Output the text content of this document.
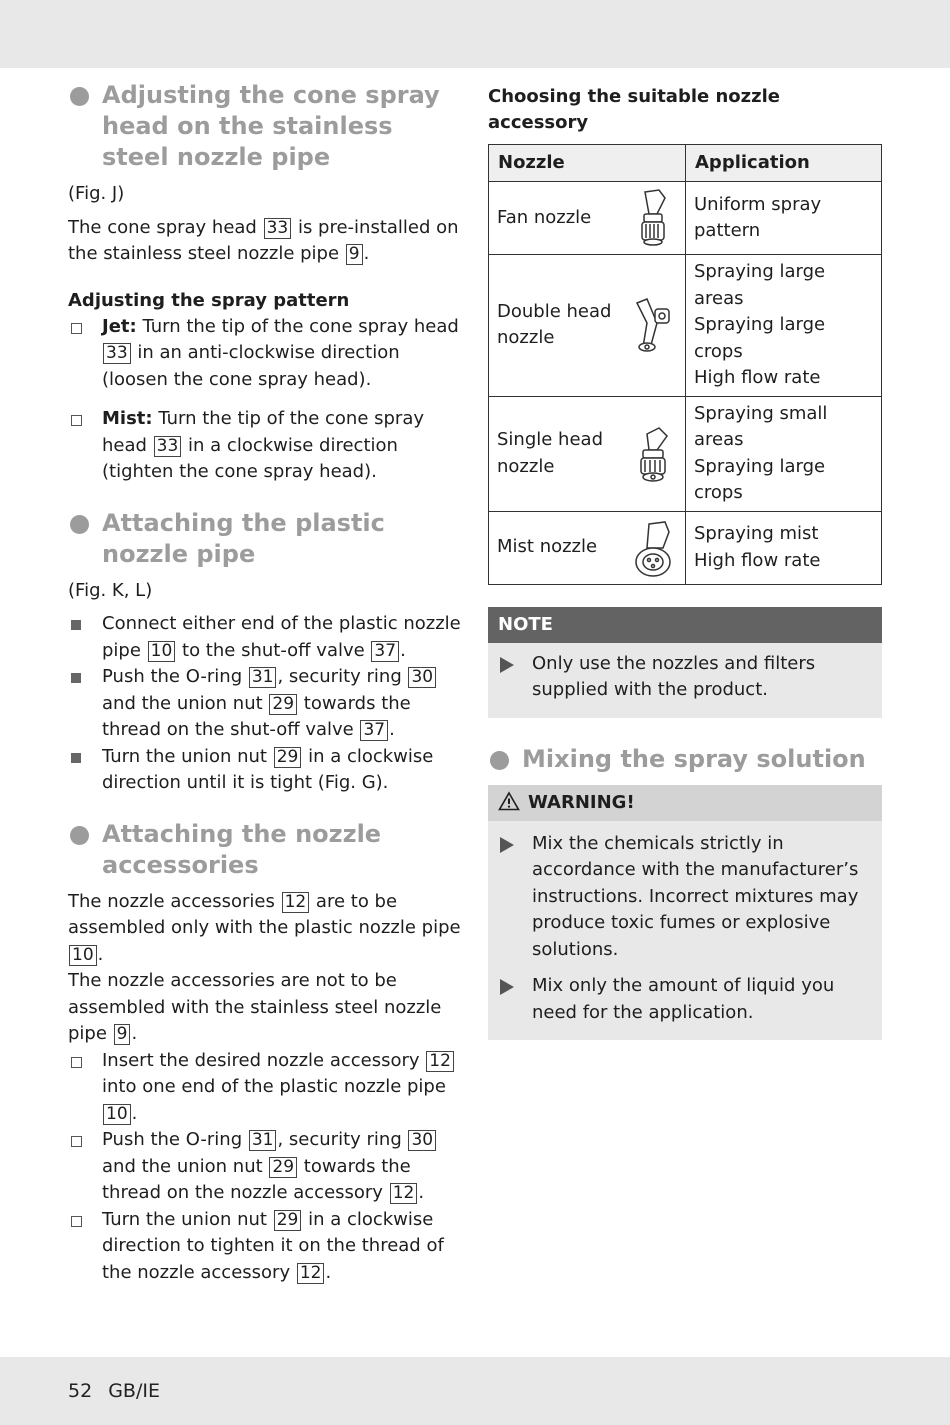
Adjusting the cone spray head on the stainless steel nozzle pipe

(Fig. J)

The cone spray head 33 is pre-installed on the stainless steel nozzle pipe 9 .

Adjusting the spray pattern
Jet: Turn the tip of the cone spray head 33 in an anti-clockwise direction (loosen the cone spray head).
Mist: Turn the tip of the cone spray head 33 in a clockwise direction (tighten the cone spray head).
Attaching the plastic nozzle pipe

(Fig. K, L)

Connect either end of the plastic nozzle pipe 10 to the shut-off valve 37 .
Push the O-ring 31 , security ring 30 and the union nut 29 towards the thread on the shut-off valve 37 .
Turn the union nut 29 in a clockwise direction until it is tight (Fig. G).
Attaching the nozzle accessories

The nozzle accessories 12 are to be assembled only with the plastic nozzle pipe 10 .

The nozzle accessories are not to be assembled with the stainless steel nozzle pipe 9 .

Insert the desired nozzle accessory 12 into one end of the plastic nozzle pipe 10 .
Push the O-ring 31 , security ring 30 and the union nut 29 towards the thread on the nozzle accessory 12 .
Turn the union nut 29 in a clockwise direction to tighten it on the thread of the nozzle accessory 12 .
Choosing the suitable nozzle accessory
Nozzle	Application

Fan nozzle	Uniform spray pattern

Double head nozzle	Spraying large areas
Spraying large crops
High flow rate

Single head nozzle	Spraying small areas
Spraying large crops

Mist nozzle	Spraying mist
High flow rate
NOTE
Only use the nozzles and filters supplied with the product.
Mixing the spray solution
WARNING!
Mix the chemicals strictly in accordance with the manufacturer’s instructions. Incorrect mixtures may produce toxic fumes or explosive solutions.
Mix only the amount of liquid you need for the application.
52 GB/IE
